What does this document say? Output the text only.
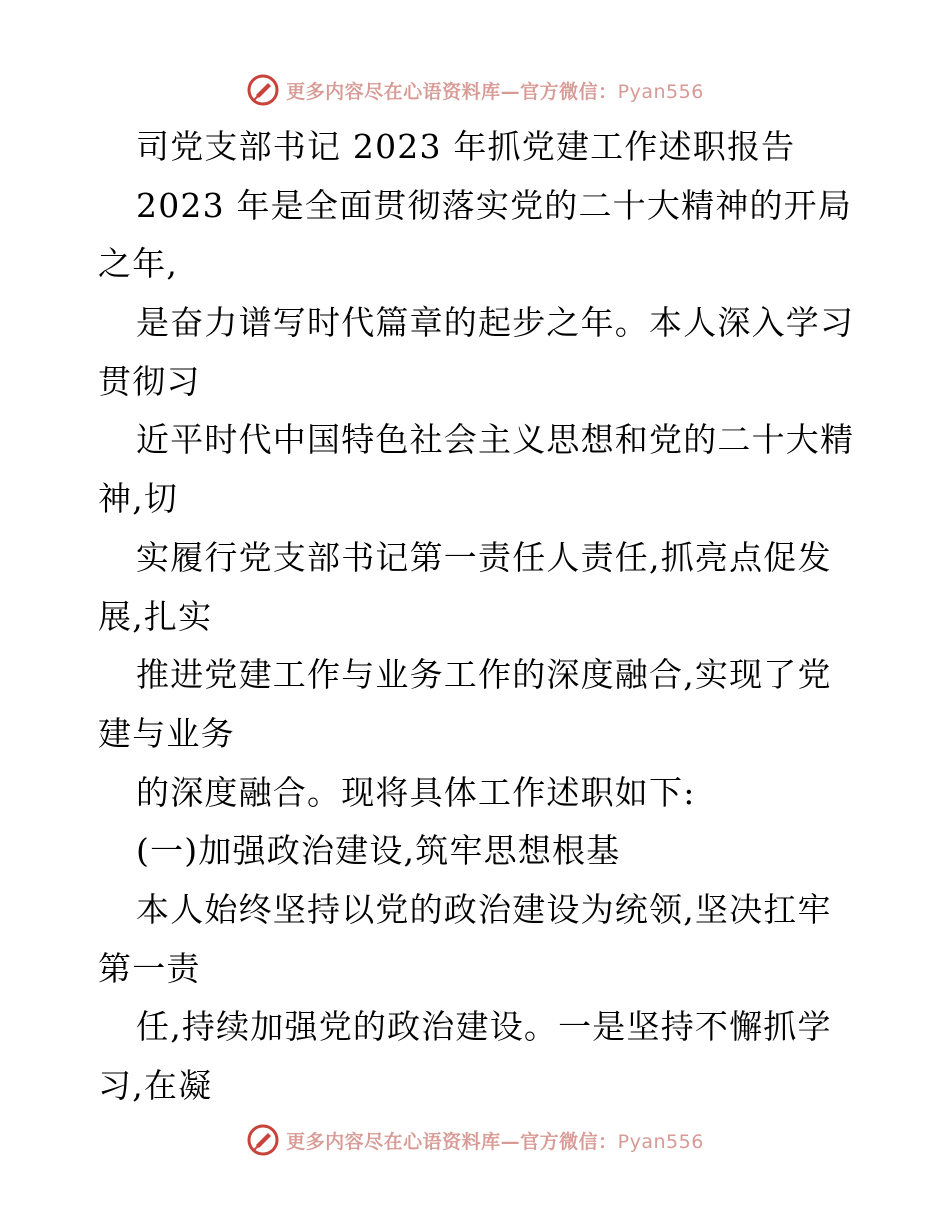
更多内容尽在心语资料库—官方微信：Pyan556
司党支部书记 2023 年抓党建工作述职报告
2023 年是全面贯彻落实党的二十大精神的开局
之年,
是奋力谱写时代篇章的起步之年。本人深入学习
贯彻习
近平时代中国特色社会主义思想和党的二十大精
神,切
实履行党支部书记第一责任人责任,抓亮点促发
展,扎实
推进党建工作与业务工作的深度融合,实现了党
建与业务
的深度融合。现将具体工作述职如下:
(一)加强政治建设,筑牢思想根基
本人始终坚持以党的政治建设为统领,坚决扛牢
第一责
任,持续加强党的政治建设。一是坚持不懈抓学
习,在凝
更多内容尽在心语资料库—官方微信：Pyan556
